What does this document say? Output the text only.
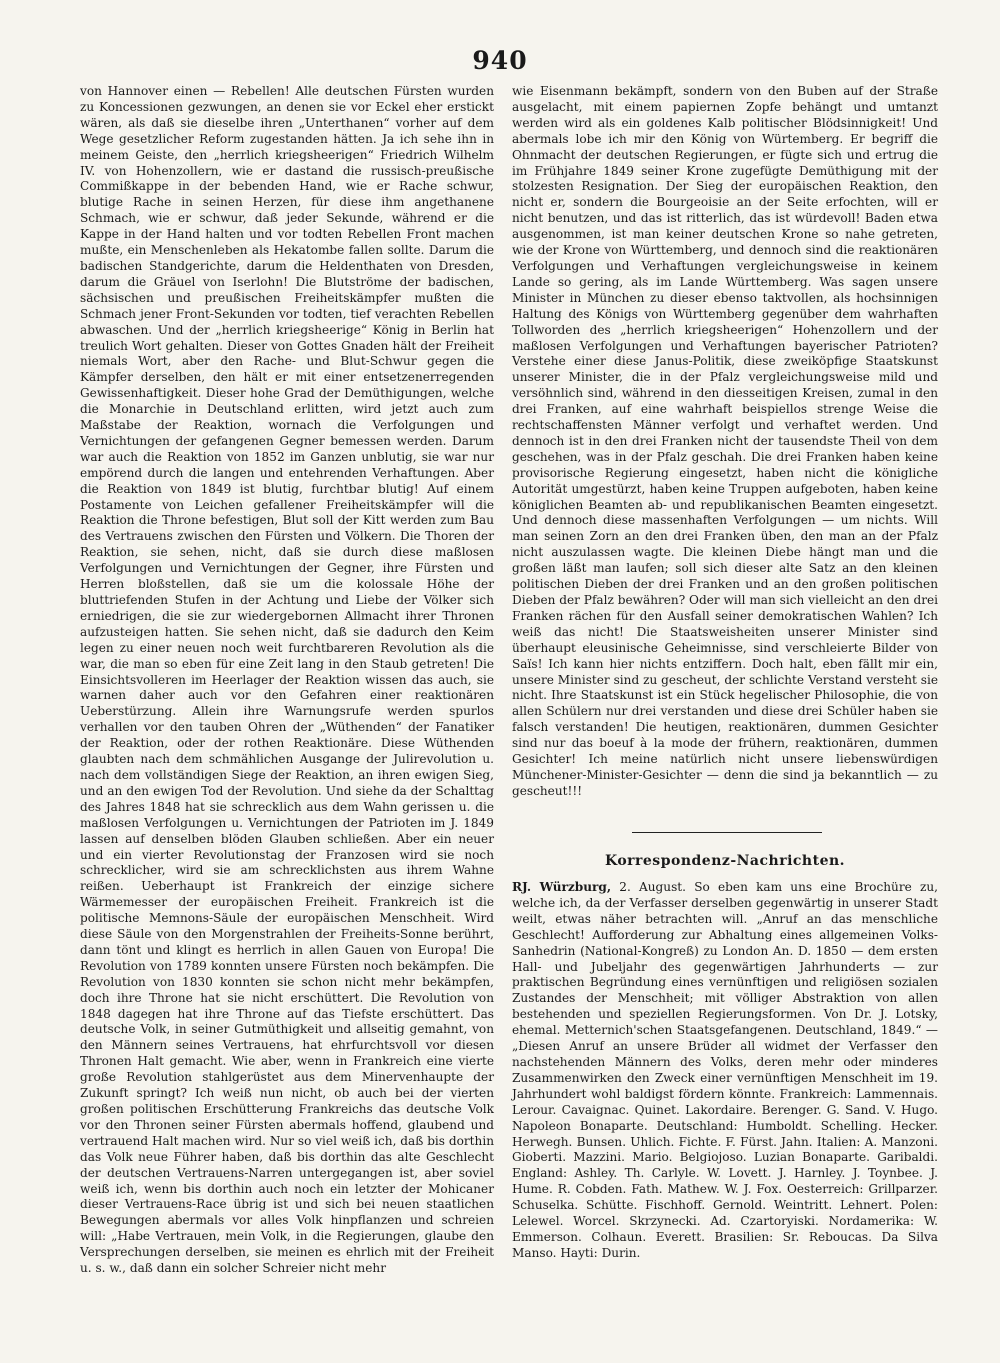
940

von Hannover einen — Rebellen! Alle deutschen Fürsten wurden zu Koncessionen gezwungen, an denen sie vor Eckel eher erstickt wären, als daß sie dieselbe ihren „Unterthanen“ vorher auf dem Wege gesetzlicher Reform zugestanden hätten. Ja ich sehe ihn in meinem Geiste, den „herrlich kriegsheerigen“ Friedrich Wilhelm IV. von Hohenzollern, wie er dastand die russisch-preußische Commißkappe in der bebenden Hand, wie er Rache schwur, blutige Rache in seinen Herzen, für diese ihm angethanene Schmach, wie er schwur, daß jeder Sekunde, während er die Kappe in der Hand halten und vor todten Rebellen Front machen mußte, ein Menschenleben als Hekatombe fallen sollte. Darum die badischen Standgerichte, darum die Heldenthaten von Dresden, darum die Gräuel von Iserlohn! Die Blutströme der badischen, sächsischen und preußischen Freiheitskämpfer mußten die Schmach jener Front-Sekunden vor todten, tief verachten Rebellen abwaschen. Und der „herrlich kriegsheerige“ König in Berlin hat treulich Wort gehalten. Dieser von Gottes Gnaden hält der Freiheit niemals Wort, aber den Rache- und Blut-Schwur gegen die Kämpfer derselben, den hält er mit einer entsetzenerregenden Gewissenhaftigkeit. Dieser hohe Grad der Demüthigungen, welche die Monarchie in Deutschland erlitten, wird jetzt auch zum Maßstabe der Reaktion, wornach die Verfolgungen und Vernichtungen der gefangenen Gegner bemessen werden. Darum war auch die Reaktion von 1852 im Ganzen unblutig, sie war nur empörend durch die langen und entehrenden Verhaftungen. Aber die Reaktion von 1849 ist blutig, furchtbar blutig! Auf einem Postamente von Leichen gefallener Freiheitskämpfer will die Reaktion die Throne befestigen, Blut soll der Kitt werden zum Bau des Vertrauens zwischen den Fürsten und Völkern. Die Thoren der Reaktion, sie sehen, nicht, daß sie durch diese maßlosen Verfolgungen und Vernichtungen der Gegner, ihre Fürsten und Herren bloßstellen, daß sie um die kolossale Höhe der bluttriefenden Stufen in der Achtung und Liebe der Völker sich erniedrigen, die sie zur wiedergebornen Allmacht ihrer Thronen aufzusteigen hatten. Sie sehen nicht, daß sie dadurch den Keim legen zu einer neuen noch weit furchtbareren Revolution als die war, die man so eben für eine Zeit lang in den Staub getreten! Die Einsichtsvolleren im Heerlager der Reaktion wissen das auch, sie warnen daher auch vor den Gefahren einer reaktionären Ueberstürzung. Allein ihre Warnungsrufe werden spurlos verhallen vor den tauben Ohren der „Wüthenden“ der Fanatiker der Reaktion, oder der rothen Reaktionäre. Diese Wüthenden glaubten nach dem schmählichen Ausgange der Julirevolution u. nach dem vollständigen Siege der Reaktion, an ihren ewigen Sieg, und an den ewigen Tod der Revolution. Und siehe da der Schalttag des Jahres 1848 hat sie schrecklich aus dem Wahn gerissen u. die maßlosen Verfolgungen u. Vernichtungen der Patrioten im J. 1849 lassen auf denselben blöden Glauben schließen. Aber ein neuer und ein vierter Revolutionstag der Franzosen wird sie noch schrecklicher, wird sie am schrecklichsten aus ihrem Wahne reißen. Ueberhaupt ist Frankreich der einzige sichere Wärmemesser der europäischen Freiheit. Frankreich ist die politische Memnons-Säule der europäischen Menschheit. Wird diese Säule von den Morgenstrahlen der Freiheits-Sonne berührt, dann tönt und klingt es herrlich in allen Gauen von Europa! Die Revolution von 1789 konnten unsere Fürsten noch bekämpfen. Die Revolution von 1830 konnten sie schon nicht mehr bekämpfen, doch ihre Throne hat sie nicht erschüttert. Die Revolution von 1848 dagegen hat ihre Throne auf das Tiefste erschüttert. Das deutsche Volk, in seiner Gutmüthigkeit und allseitig gemahnt, von den Männern seines Vertrauens, hat ehrfurchtsvoll vor diesen Thronen Halt gemacht. Wie aber, wenn in Frankreich eine vierte große Revolution stahlgerüstet aus dem Minervenhaupte der Zukunft springt? Ich weiß nun nicht, ob auch bei der vierten großen politischen Erschütterung Frankreichs das deutsche Volk vor den Thronen seiner Fürsten abermals hoffend, glaubend und vertrauend Halt machen wird. Nur so viel weiß ich, daß bis dorthin das Volk neue Führer haben, daß bis dorthin das alte Geschlecht der deutschen Vertrauens-Narren untergegangen ist, aber soviel weiß ich, wenn bis dorthin auch noch ein letzter der Mohicaner dieser Vertrauens-Race übrig ist und sich bei neuen staatlichen Bewegungen abermals vor alles Volk hinpflanzen und schreien will: „Habe Vertrauen, mein Volk, in die Regierungen, glaube den Versprechungen derselben, sie meinen es ehrlich mit der Freiheit u. s. w., daß dann ein solcher Schreier nicht mehr

wie Eisenmann bekämpft, sondern von den Buben auf der Straße ausgelacht, mit einem papiernen Zopfe behängt und umtanzt werden wird als ein goldenes Kalb politischer Blödsinnigkeit! Und abermals lobe ich mir den König von Würtemberg. Er begriff die Ohnmacht der deutschen Regierungen, er fügte sich und ertrug die im Frühjahre 1849 seiner Krone zugefügte Demüthigung mit der stolzesten Resignation. Der Sieg der europäischen Reaktion, den nicht er, sondern die Bourgeoisie an der Seite erfochten, will er nicht benutzen, und das ist ritterlich, das ist würdevoll! Baden etwa ausgenommen, ist man keiner deutschen Krone so nahe getreten, wie der Krone von Württemberg, und dennoch sind die reaktionären Verfolgungen und Verhaftungen vergleichungsweise in keinem Lande so gering, als im Lande Württemberg. Was sagen unsere Minister in München zu dieser ebenso taktvollen, als hochsinnigen Haltung des Königs von Württemberg gegenüber dem wahrhaften Tollworden des „herrlich kriegsheerigen“ Hohenzollern und der maßlosen Verfolgungen und Verhaftungen bayerischer Patrioten? Verstehe einer diese Janus-Politik, diese zweiköpfige Staatskunst unserer Minister, die in der Pfalz vergleichungsweise mild und versöhnlich sind, während in den diesseitigen Kreisen, zumal in den drei Franken, auf eine wahrhaft beispiellos strenge Weise die rechtschaffensten Männer verfolgt und verhaftet werden. Und dennoch ist in den drei Franken nicht der tausendste Theil von dem geschehen, was in der Pfalz geschah. Die drei Franken haben keine provisorische Regierung eingesetzt, haben nicht die königliche Autorität umgestürzt, haben keine Truppen aufgeboten, haben keine königlichen Beamten ab- und republikanischen Beamten eingesetzt. Und dennoch diese massenhaften Verfolgungen — um nichts. Will man seinen Zorn an den drei Franken üben, den man an der Pfalz nicht auszulassen wagte. Die kleinen Diebe hängt man und die großen läßt man laufen; soll sich dieser alte Satz an den kleinen politischen Dieben der drei Franken und an den großen politischen Dieben der Pfalz bewähren? Oder will man sich vielleicht an den drei Franken rächen für den Ausfall seiner demokratischen Wahlen? Ich weiß das nicht! Die Staatsweisheiten unserer Minister sind überhaupt eleusinische Geheimnisse, sind verschleierte Bilder von Saïs! Ich kann hier nichts entziffern. Doch halt, eben fällt mir ein, unsere Minister sind zu gescheut, der schlichte Verstand versteht sie nicht. Ihre Staatskunst ist ein Stück hegelischer Philosophie, die von allen Schülern nur drei verstanden und diese drei Schüler haben sie falsch verstanden! Die heutigen, reaktionären, dummen Gesichter sind nur das boeuf à la mode der frühern, reaktionären, dummen Gesichter! Ich meine natürlich nicht unsere liebenswürdigen Münchener-Minister-Gesichter — denn die sind ja bekanntlich — zu gescheut!!!

Korrespondenz-Nachrichten.

RJ. Würzburg, 2. August. So eben kam uns eine Brochüre zu, welche ich, da der Verfasser derselben gegenwärtig in unserer Stadt weilt, etwas näher betrachten will. „Anruf an das menschliche Geschlecht! Aufforderung zur Abhaltung eines allgemeinen Volks-Sanhedrin (National-Kongreß) zu London An. D. 1850 — dem ersten Hall- und Jubeljahr des gegenwärtigen Jahrhunderts — zur praktischen Begründung eines vernünftigen und religiösen sozialen Zustandes der Menschheit; mit völliger Abstraktion von allen bestehenden und speziellen Regierungsformen. Von Dr. J. Lotsky, ehemal. Metternich'schen Staatsgefangenen. Deutschland, 1849.“ — „Diesen Anruf an unsere Brüder all widmet der Verfasser den nachstehenden Männern des Volks, deren mehr oder minderes Zusammenwirken den Zweck einer vernünftigen Menschheit im 19. Jahrhundert wohl baldigst fördern könnte. Frankreich: Lammennais. Lerour. Cavaignac. Quinet. Lakordaire. Berenger. G. Sand. V. Hugo. Napoleon Bonaparte. Deutschland: Humboldt. Schelling. Hecker. Herwegh. Bunsen. Uhlich. Fichte. F. Fürst. Jahn. Italien: A. Manzoni. Gioberti. Mazzini. Mario. Belgiojoso. Luzian Bonaparte. Garibaldi. England: Ashley. Th. Carlyle. W. Lovett. J. Harnley. J. Toynbee. J. Hume. R. Cobden. Fath. Mathew. W. J. Fox. Oesterreich: Grillparzer. Schuselka. Schütte. Fischhoff. Gernold. Weintritt. Lehnert. Polen: Lelewel. Worcel. Skrzynecki. Ad. Czartoryiski. Nordamerika: W. Emmerson. Colhaun. Everett. Brasilien: Sr. Reboucas. Da Silva Manso. Hayti: Durin.
